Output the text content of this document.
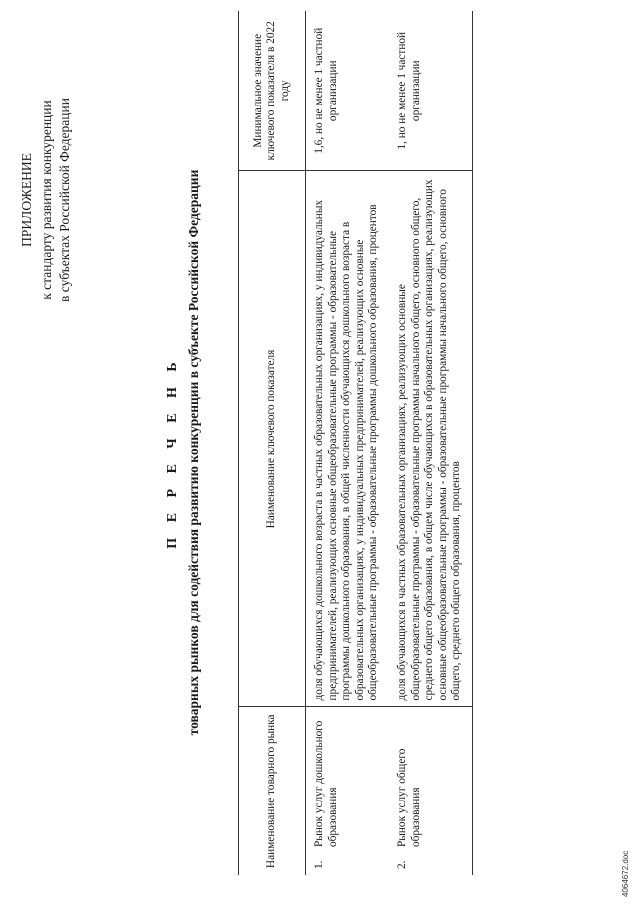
ПРИЛОЖЕНИЕ к стандарту развития конкуренции в субъектах Российской Федерации
П Е Р Е Ч Е Н Ь товарных рынков для содействия развитию конкуренции в субъекте Российской Федерации
Наименование товарного рынка	Наименование ключевого показателя	Минимальное значение ключевого показателя в 2022 году

1.
Рынок услуг дошкольного образования	доля обучающихся дошкольного возраста в частных образовательных организациях, у индивидуальных предпринимателей, реализующих основные общеобразовательные программы - образовательные программы дошкольного образования, в общей численности обучающихся дошкольного возраста в образовательных организациях, у индивидуальных предпринимателей, реализующих основные общеобразовательные программы - образовательные программы дошкольного образования, процентов	1,6, но не менее 1 частной организации

2.
Рынок услуг общего образования	доля обучающихся в частных образовательных организациях, реализующих основные общеобразовательные программы - образовательные программы начального общего, основного общего, среднего общего образования, в общем числе обучающихся в образовательных организациях, реализующих основные общеобразовательные программы - образовательные программы начального общего, основного общего, среднего общего образования, процентов	1, но не менее 1 частной организации
4064672.doc
